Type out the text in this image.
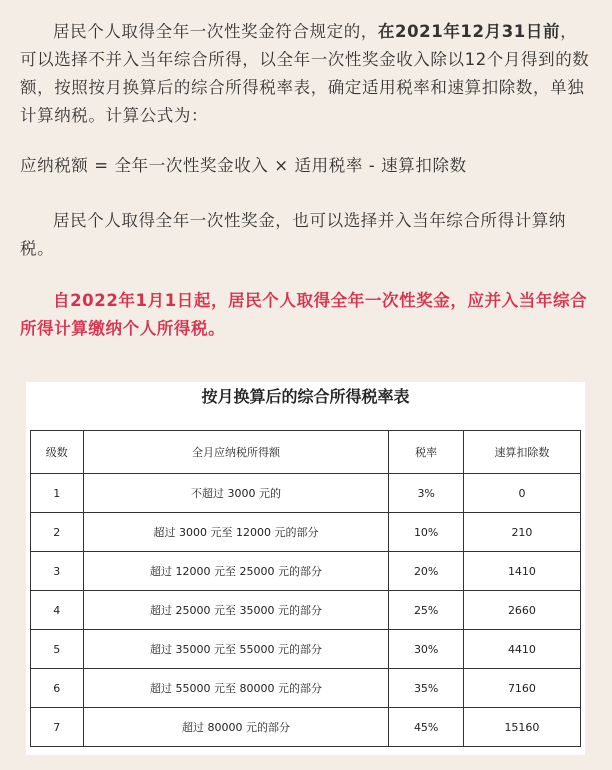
居民个人取得全年一次性奖金符合规定的，在2021年12月31日前，可以选择不并入当年综合所得，以全年一次性奖金收入除以12个月得到的数额，按照按月换算后的综合所得税率表，确定适用税率和速算扣除数，单独计算纳税。计算公式为：

应纳税额 = 全年一次性奖金收入 × 适用税率 - 速算扣除数

居民个人取得全年一次性奖金，也可以选择并入当年综合所得计算纳税。

自2022年1月1日起，居民个人取得全年一次性奖金，应并入当年综合所得计算缴纳个人所得税。

按月换算后的综合所得税率表
级数	全月应纳税所得额	税率	速算扣除数
1	不超过 3000 元的	3%	0
2	超过 3000 元至 12000 元的部分	10%	210
3	超过 12000 元至 25000 元的部分	20%	1410
4	超过 25000 元至 35000 元的部分	25%	2660
5	超过 35000 元至 55000 元的部分	30%	4410
6	超过 55000 元至 80000 元的部分	35%	7160
7	超过 80000 元的部分	45%	15160
